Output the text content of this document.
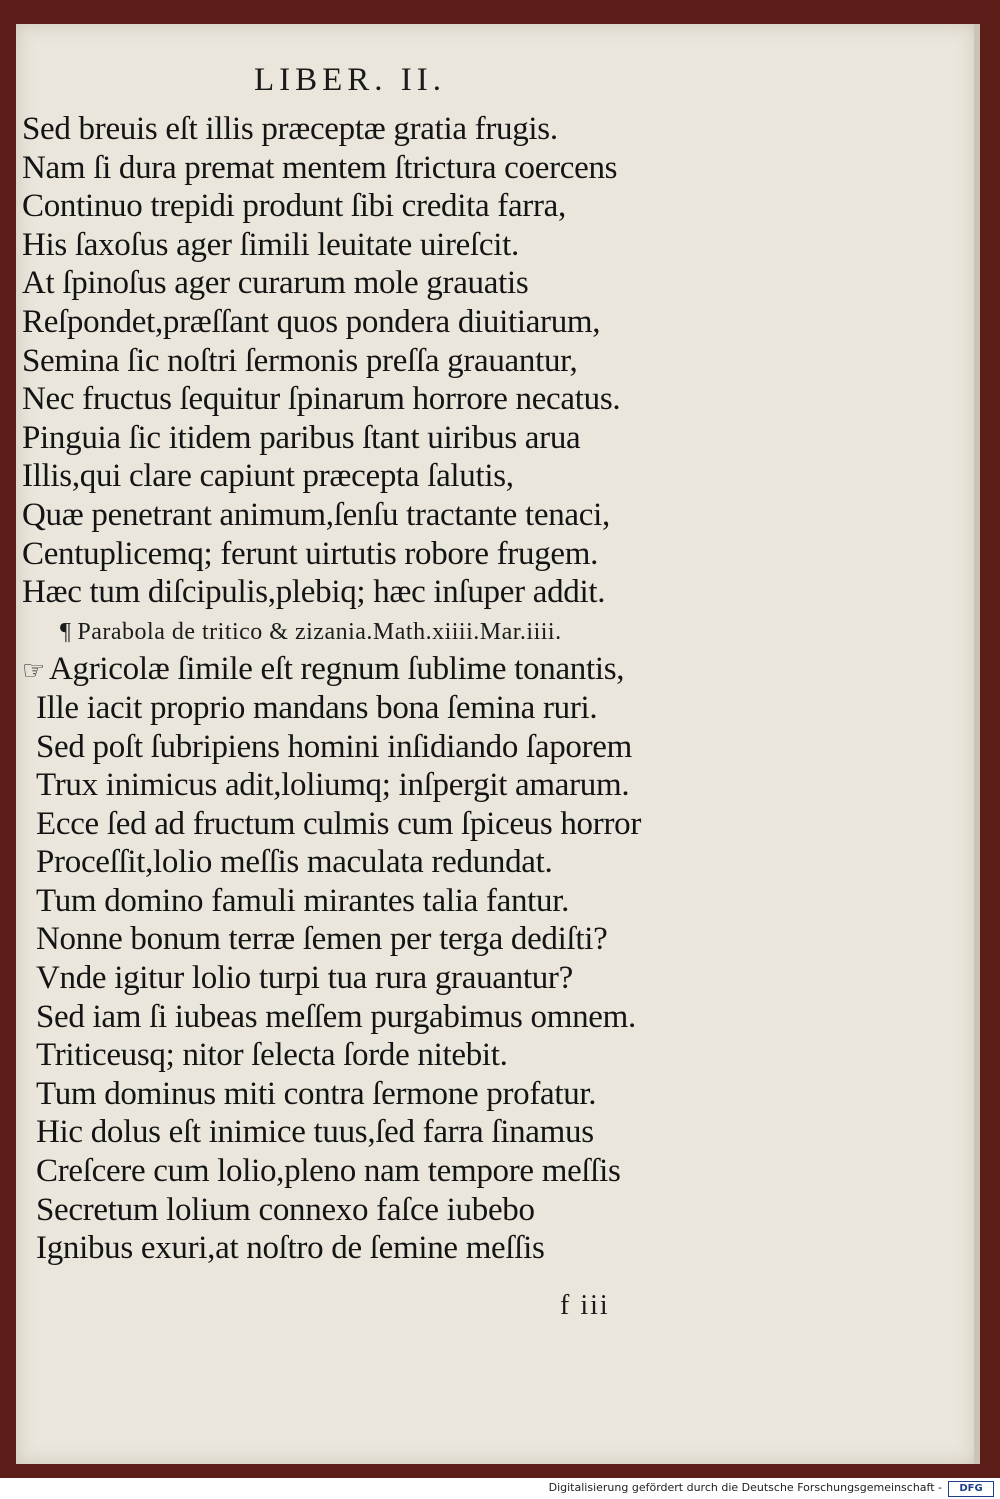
LIBER. II.
Sed breuis eſt illis præceptæ gratia frugis.
Nam ſi dura premat mentem ſtrictura coercens
Continuo trepidi produnt ſibi credita farra,
His ſaxoſus ager ſimili leuitate uireſcit.
At ſpinoſus ager curarum mole grauatis
Reſpondet,præſſant quos pondera diuitiarum,
Semina ſic noſtri ſermonis preſſa grauantur,
Nec fructus ſequitur ſpinarum horrore necatus.
Pinguia ſic itidem paribus ſtant uiribus arua
Illis,qui clare capiunt præcepta ſalutis,
Quæ penetrant animum,ſenſu tractante tenaci,
Centuplicemq; ferunt uirtutis robore frugem.
Hæc tum diſcipulis,plebiq; hæc inſuper addit.
¶ Parabola de tritico & zizania.Math.xiiii.Mar.iiii.
☞ Agricolæ ſimile eſt regnum ſublime tonantis,
Ille iacit proprio mandans bona ſemina ruri.
Sed poſt ſubripiens homini inſidiando ſaporem
Trux inimicus adit,loliumq; inſpergit amarum.
Ecce ſed ad fructum culmis cum ſpiceus horror
Proceſſit,lolio meſſis maculata redundat.
Tum domino famuli mirantes talia fantur.
Nonne bonum terræ ſemen per terga dediſti?
Vnde igitur lolio turpi tua rura grauantur?
Sed iam ſi iubeas meſſem purgabimus omnem.
Triticeusq; nitor ſelecta ſorde nitebit.
Tum dominus miti contra ſermone profatur.
Hic dolus eſt inimice tuus,ſed farra ſinamus
Creſcere cum lolio,pleno nam tempore meſſis
Secretum lolium connexo faſce iubebo
Ignibus exuri,at noſtro de ſemine meſſis
f iii
Digitalisierung gefördert durch die Deutsche Forschungsgemeinschaft -	DFG
